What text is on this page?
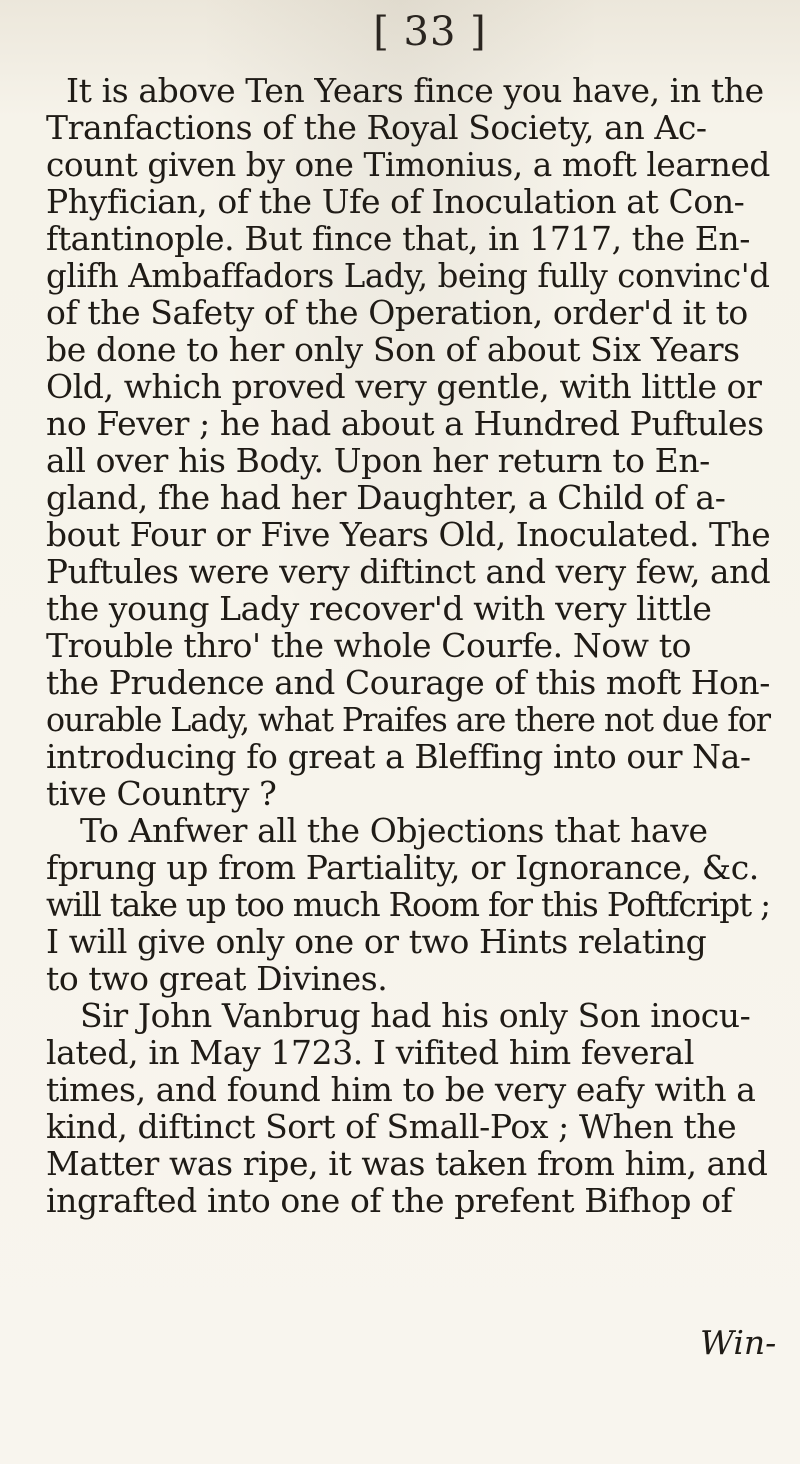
[ 33 ]
It is above Ten Years fince you have, in the
Tranfactions of the Royal Society, an Ac-
count given by one Timonius, a moft learned
Phyfician, of the Ufe of Inoculation at Con-
ftantinople. But fince that, in 1717, the En-
glifh Ambaffadors Lady, being fully convinc'd
of the Safety of the Operation, order'd it to
be done to her only Son of about Six Years
Old, which proved very gentle, with little or
no Fever ; he had about a Hundred Puftules
all over his Body. Upon her return to En-
gland, fhe had her Daughter, a Child of a-
bout Four or Five Years Old, Inoculated. The
Puftules were very diftinct and very few, and
the young Lady recover'd with very little
Trouble thro' the whole Courfe. Now to
the Prudence and Courage of this moft Hon-
ourable Lady, what Praifes are there not due for
introducing fo great a Bleffing into our Na-
tive Country ?
To Anfwer all the Objections that have
fprung up from Partiality, or Ignorance, &c.
will take up too much Room for this Poftfcript ;
I will give only one or two Hints relating
to two great Divines.
Sir John Vanbrug had his only Son inocu-
lated, in May 1723. I vifited him feveral
times, and found him to be very eafy with a
kind, diftinct Sort of Small-Pox ; When the
Matter was ripe, it was taken from him, and
ingrafted into one of the prefent Bifhop of
Win-
